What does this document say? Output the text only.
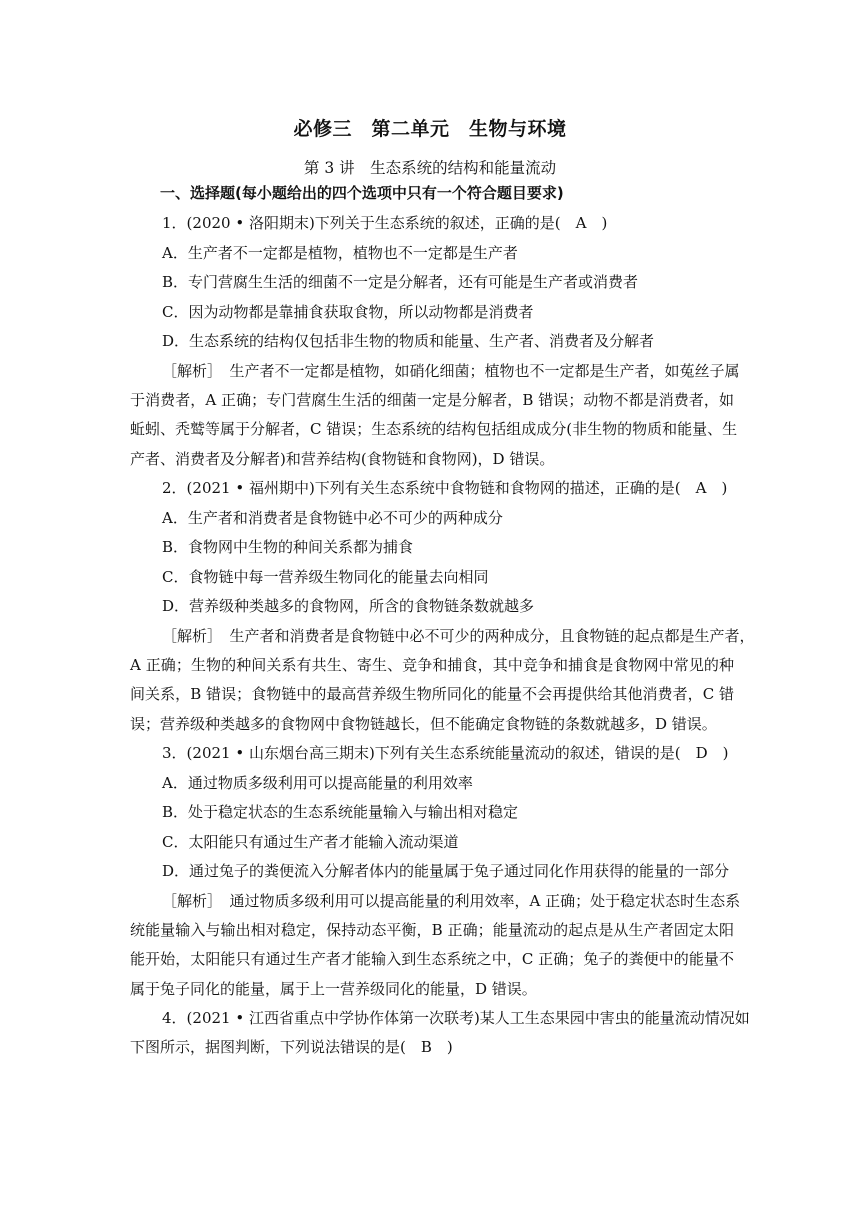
必修三　第二单元　生物与环境
第 3 讲　生态系统的结构和能量流动
一、选择题(每小题给出的四个选项中只有一个符合题目要求)
1．(2020 • 洛阳期末)下列关于生态系统的叙述，正确的是(　A　)
A．生产者不一定都是植物，植物也不一定都是生产者
B．专门营腐生生活的细菌不一定是分解者，还有可能是生产者或消费者
C．因为动物都是靠捕食获取食物，所以动物都是消费者
D．生态系统的结构仅包括非生物的物质和能量、生产者、消费者及分解者
［解析］　生产者不一定都是植物，如硝化细菌；植物也不一定都是生产者，如菟丝子属
于消费者，A 正确；专门营腐生生活的细菌一定是分解者，B 错误；动物不都是消费者，如
蚯蚓、秃鹫等属于分解者，C 错误；生态系统的结构包括组成成分(非生物的物质和能量、生
产者、消费者及分解者)和营养结构(食物链和食物网)，D 错误。
2．(2021 • 福州期中)下列有关生态系统中食物链和食物网的描述，正确的是(　A　)
A．生产者和消费者是食物链中必不可少的两种成分
B．食物网中生物的种间关系都为捕食
C．食物链中每一营养级生物同化的能量去向相同
D．营养级种类越多的食物网，所含的食物链条数就越多
［解析］　生产者和消费者是食物链中必不可少的两种成分，且食物链的起点都是生产者，
A 正确；生物的种间关系有共生、寄生、竞争和捕食，其中竞争和捕食是食物网中常见的种
间关系，B 错误；食物链中的最高营养级生物所同化的能量不会再提供给其他消费者，C 错
误；营养级种类越多的食物网中食物链越长，但不能确定食物链的条数就越多，D 错误。
3．(2021 • 山东烟台高三期末)下列有关生态系统能量流动的叙述，错误的是(　D　)
A．通过物质多级利用可以提高能量的利用效率
B．处于稳定状态的生态系统能量输入与输出相对稳定
C．太阳能只有通过生产者才能输入流动渠道
D．通过兔子的粪便流入分解者体内的能量属于兔子通过同化作用获得的能量的一部分
［解析］　通过物质多级利用可以提高能量的利用效率，A 正确；处于稳定状态时生态系
统能量输入与输出相对稳定，保持动态平衡，B 正确；能量流动的起点是从生产者固定太阳
能开始，太阳能只有通过生产者才能输入到生态系统之中，C 正确；兔子的粪便中的能量不
属于兔子同化的能量，属于上一营养级同化的能量，D 错误。
4．(2021 • 江西省重点中学协作体第一次联考)某人工生态果园中害虫的能量流动情况如
下图所示，据图判断，下列说法错误的是(　B　)
